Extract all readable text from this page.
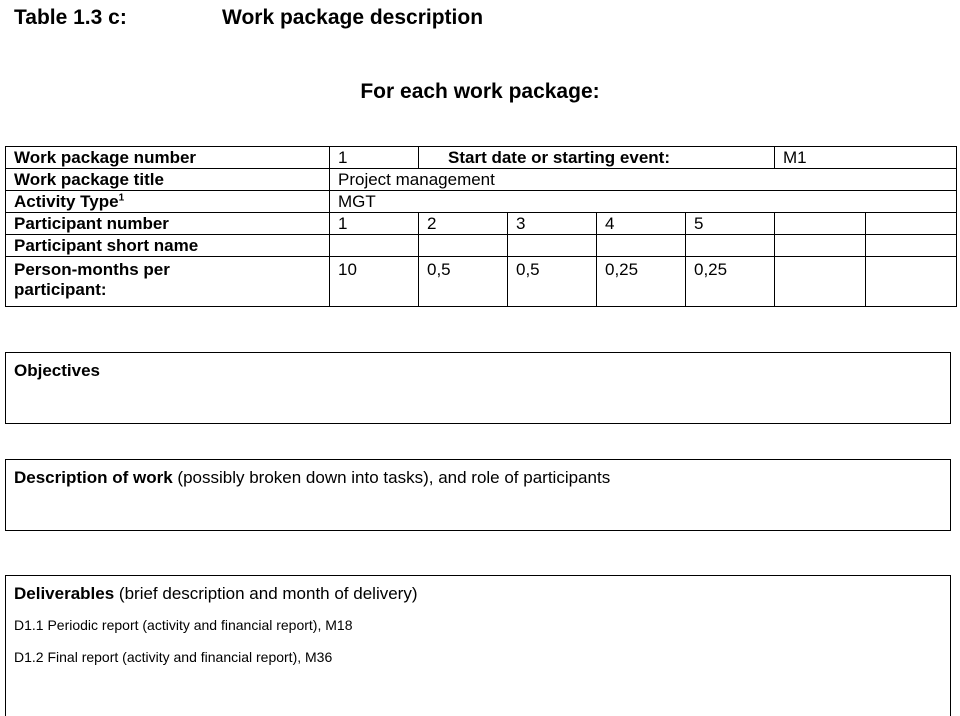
Table 1.3 c:	Work package description
For each work package:
Work package number	1	Start date or starting event:				M1	
Work package title	Project management						
Activity Type$^1$	MGT						
Participant number	1	2	3	4	5		
Participant short name							

Person-months per participant:	10	0,5	0,5	0,25	0,25		
Objectives
Description of work (possibly broken down into tasks), and role of participants
Deliverables (brief description and month of delivery)
D1.1 Periodic report (activity and financial report), M18
D1.2 Final report (activity and financial report), M36
